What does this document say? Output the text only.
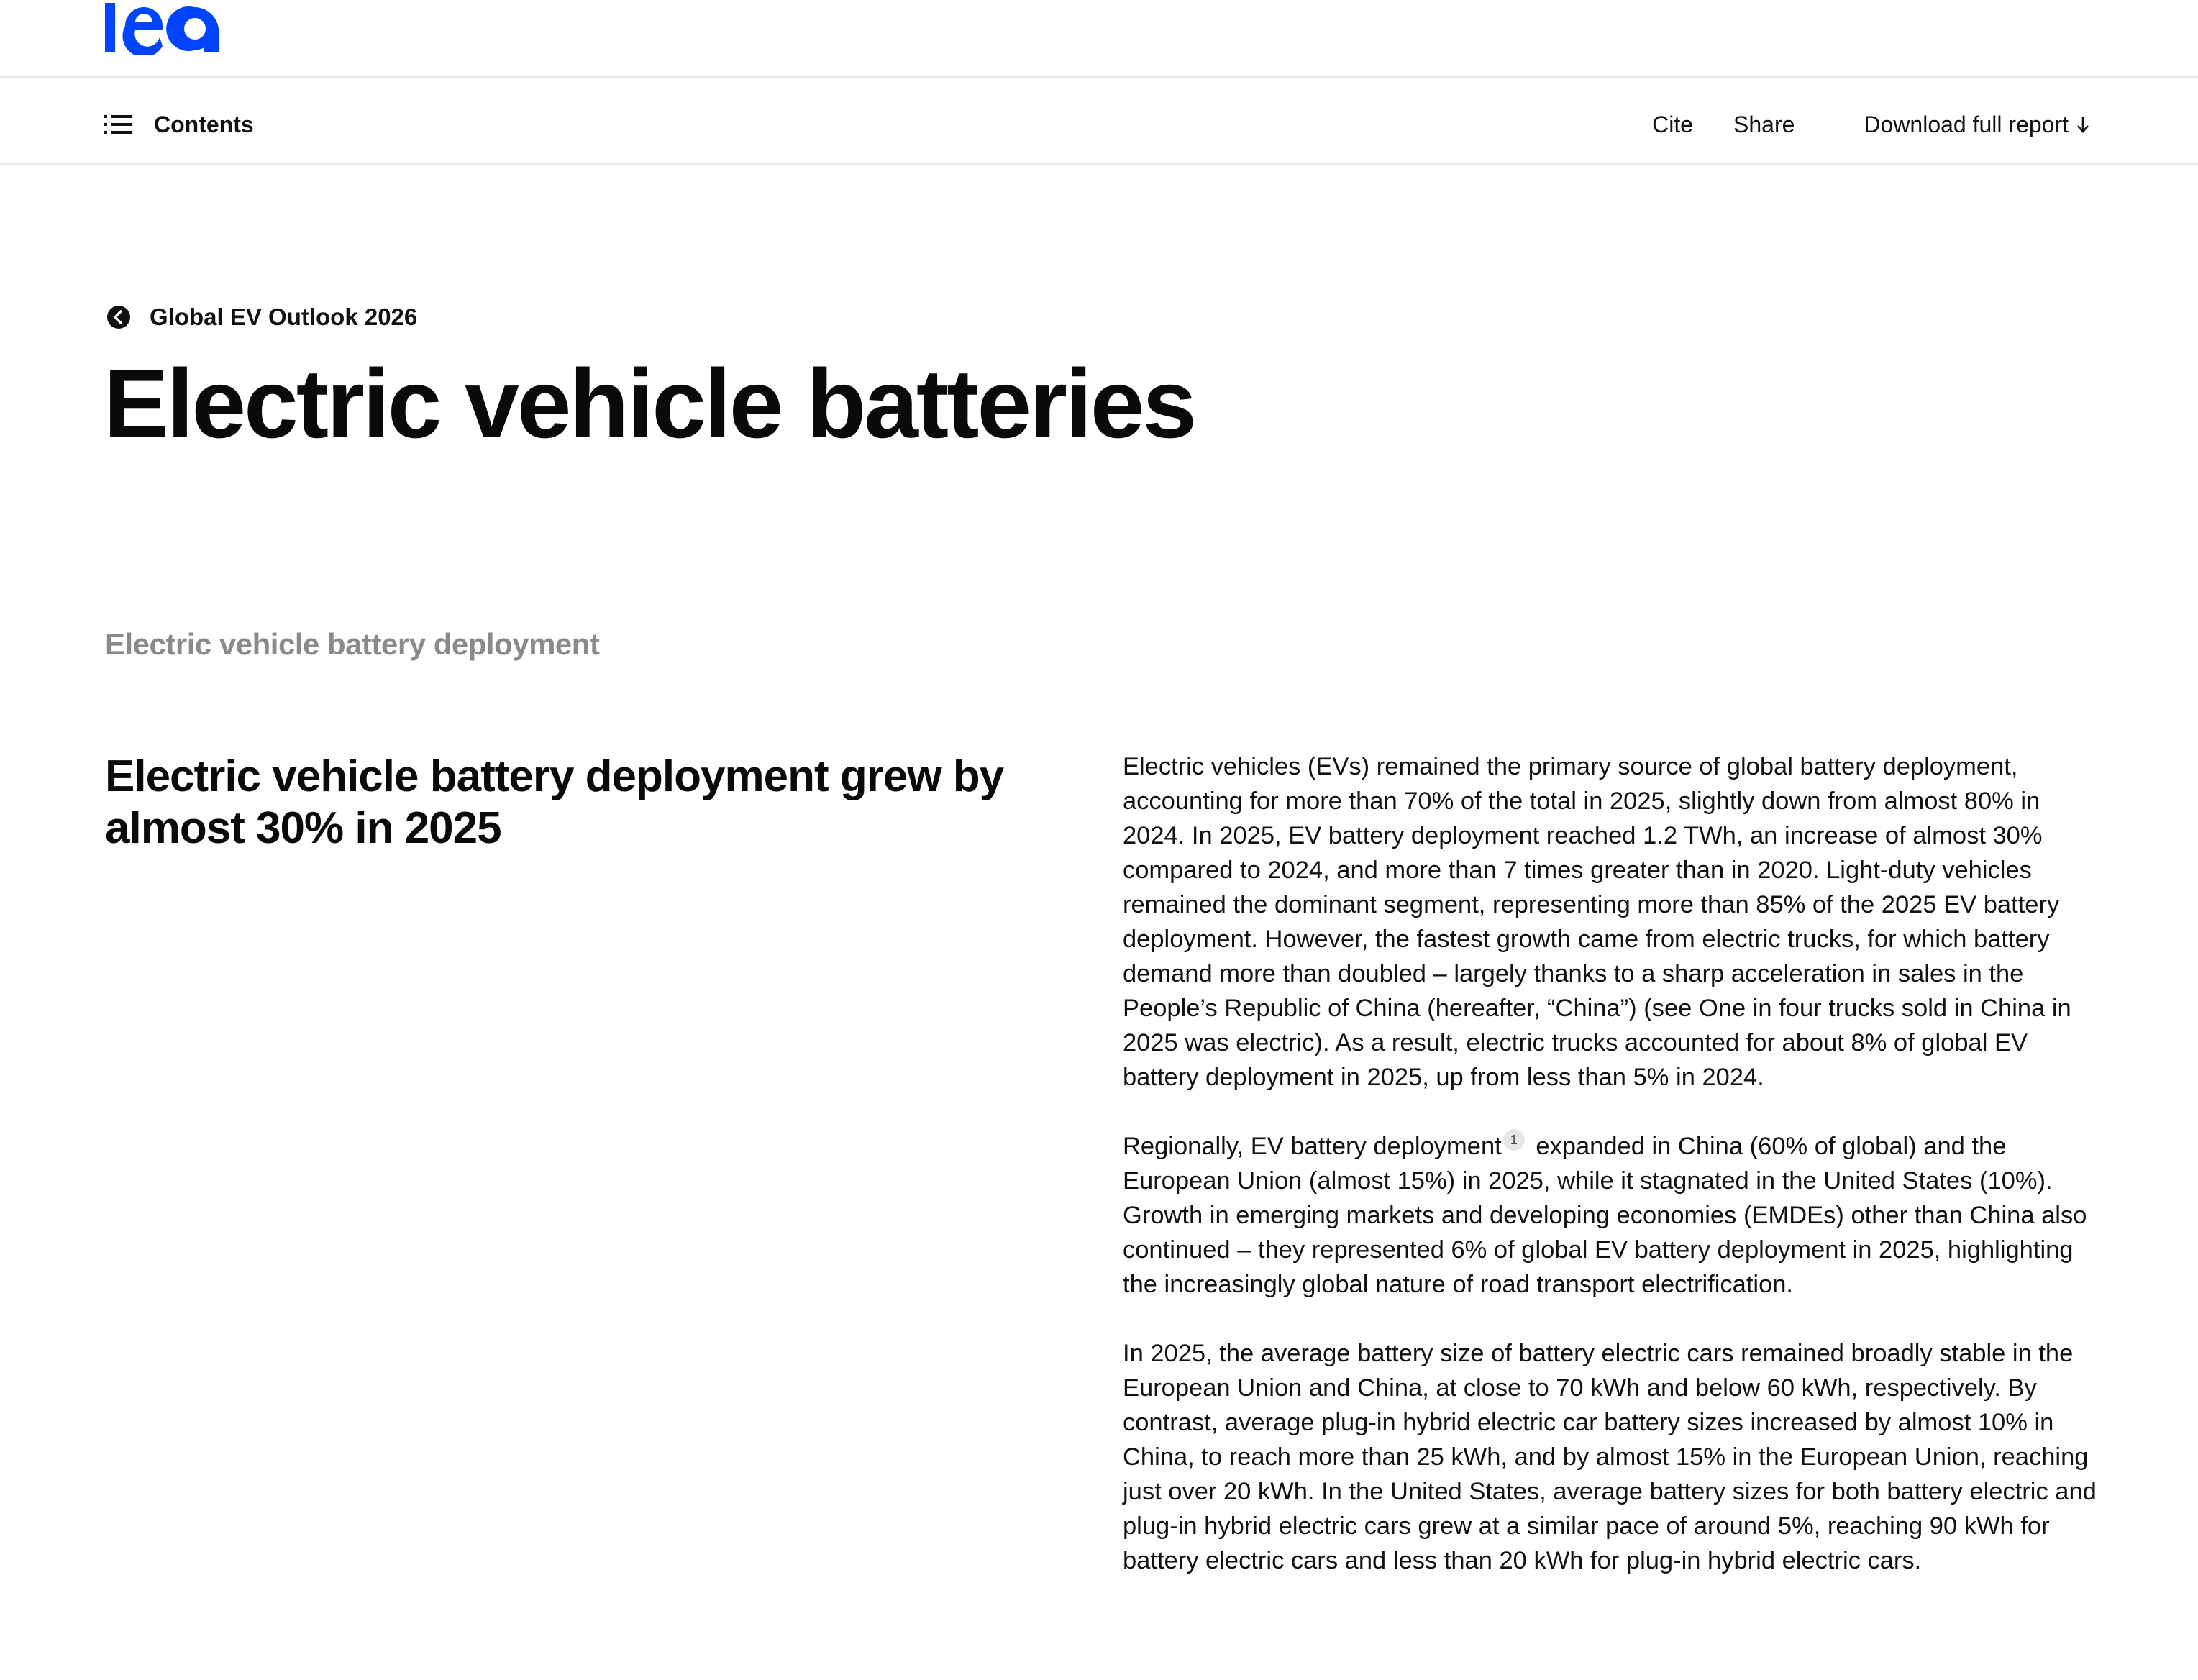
Contents	Cite Share	Download full report
Global EV Outlook 2026
Electric vehicle batteries
Electric vehicle battery deployment
Electric vehicle battery deployment grew by almost 30% in 2025

Electric vehicles (EVs) remained the primary source of global battery deployment, accounting for more than 70% of the total in 2025, slightly down from almost 80% in 2024. In 2025, EV battery deployment reached 1.2 TWh, an increase of almost 30% compared to 2024, and more than 7 times greater than in 2020. Light-duty vehicles remained the dominant segment, representing more than 85% of the 2025 EV battery deployment. However, the fastest growth came from electric trucks, for which battery demand more than doubled – largely thanks to a sharp acceleration in sales in the People’s Republic of China (hereafter, “China”) (see One in four trucks sold in China in 2025 was electric). As a result, electric trucks accounted for about 8% of global EV battery deployment in 2025, up from less than 5% in 2024.

Regionally, EV battery deployment 1 expanded in China (60% of global) and the European Union (almost 15%) in 2025, while it stagnated in the United States (10%). Growth in emerging markets and developing economies (EMDEs) other than China also continued – they represented 6% of global EV battery deployment in 2025, highlighting the increasingly global nature of road transport electrification.

In 2025, the average battery size of battery electric cars remained broadly stable in the European Union and China, at close to 70 kWh and below 60 kWh, respectively. By contrast, average plug-in hybrid electric car battery sizes increased by almost 10% in China, to reach more than 25 kWh, and by almost 15% in the European Union, reaching just over 20 kWh. In the United States, average battery sizes for both battery electric and plug-in hybrid electric cars grew at a similar pace of around 5%, reaching 90 kWh for battery electric cars and less than 20 kWh for plug-in hybrid electric cars.
